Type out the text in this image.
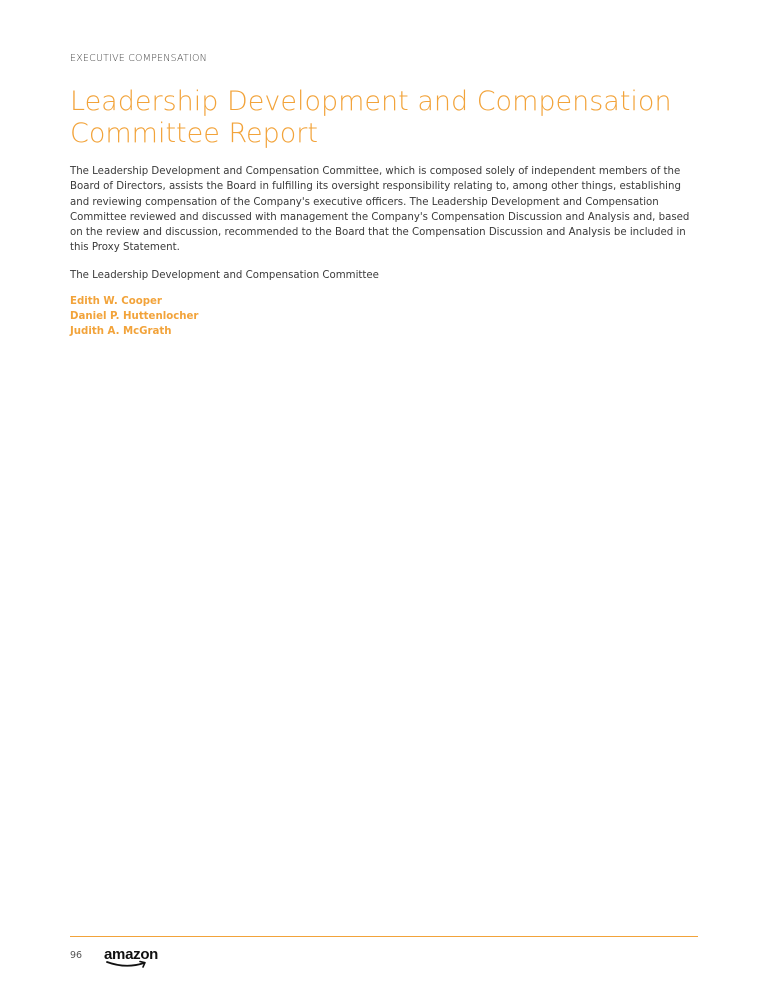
EXECUTIVE COMPENSATION
Leadership Development and Compensation Committee Report

The Leadership Development and Compensation Committee, which is composed solely of independent members of the Board of Directors, assists the Board in fulfilling its oversight responsibility relating to, among other things, establishing and reviewing compensation of the Company's executive officers. The Leadership Development and Compensation Committee reviewed and discussed with management the Company's Compensation Discussion and Analysis and, based on the review and discussion, recommended to the Board that the Compensation Discussion and Analysis be included in this Proxy Statement.

The Leadership Development and Compensation Committee

Edith W. Cooper
Daniel P. Huttenlocher
Judith A. McGrath
96 amazon
